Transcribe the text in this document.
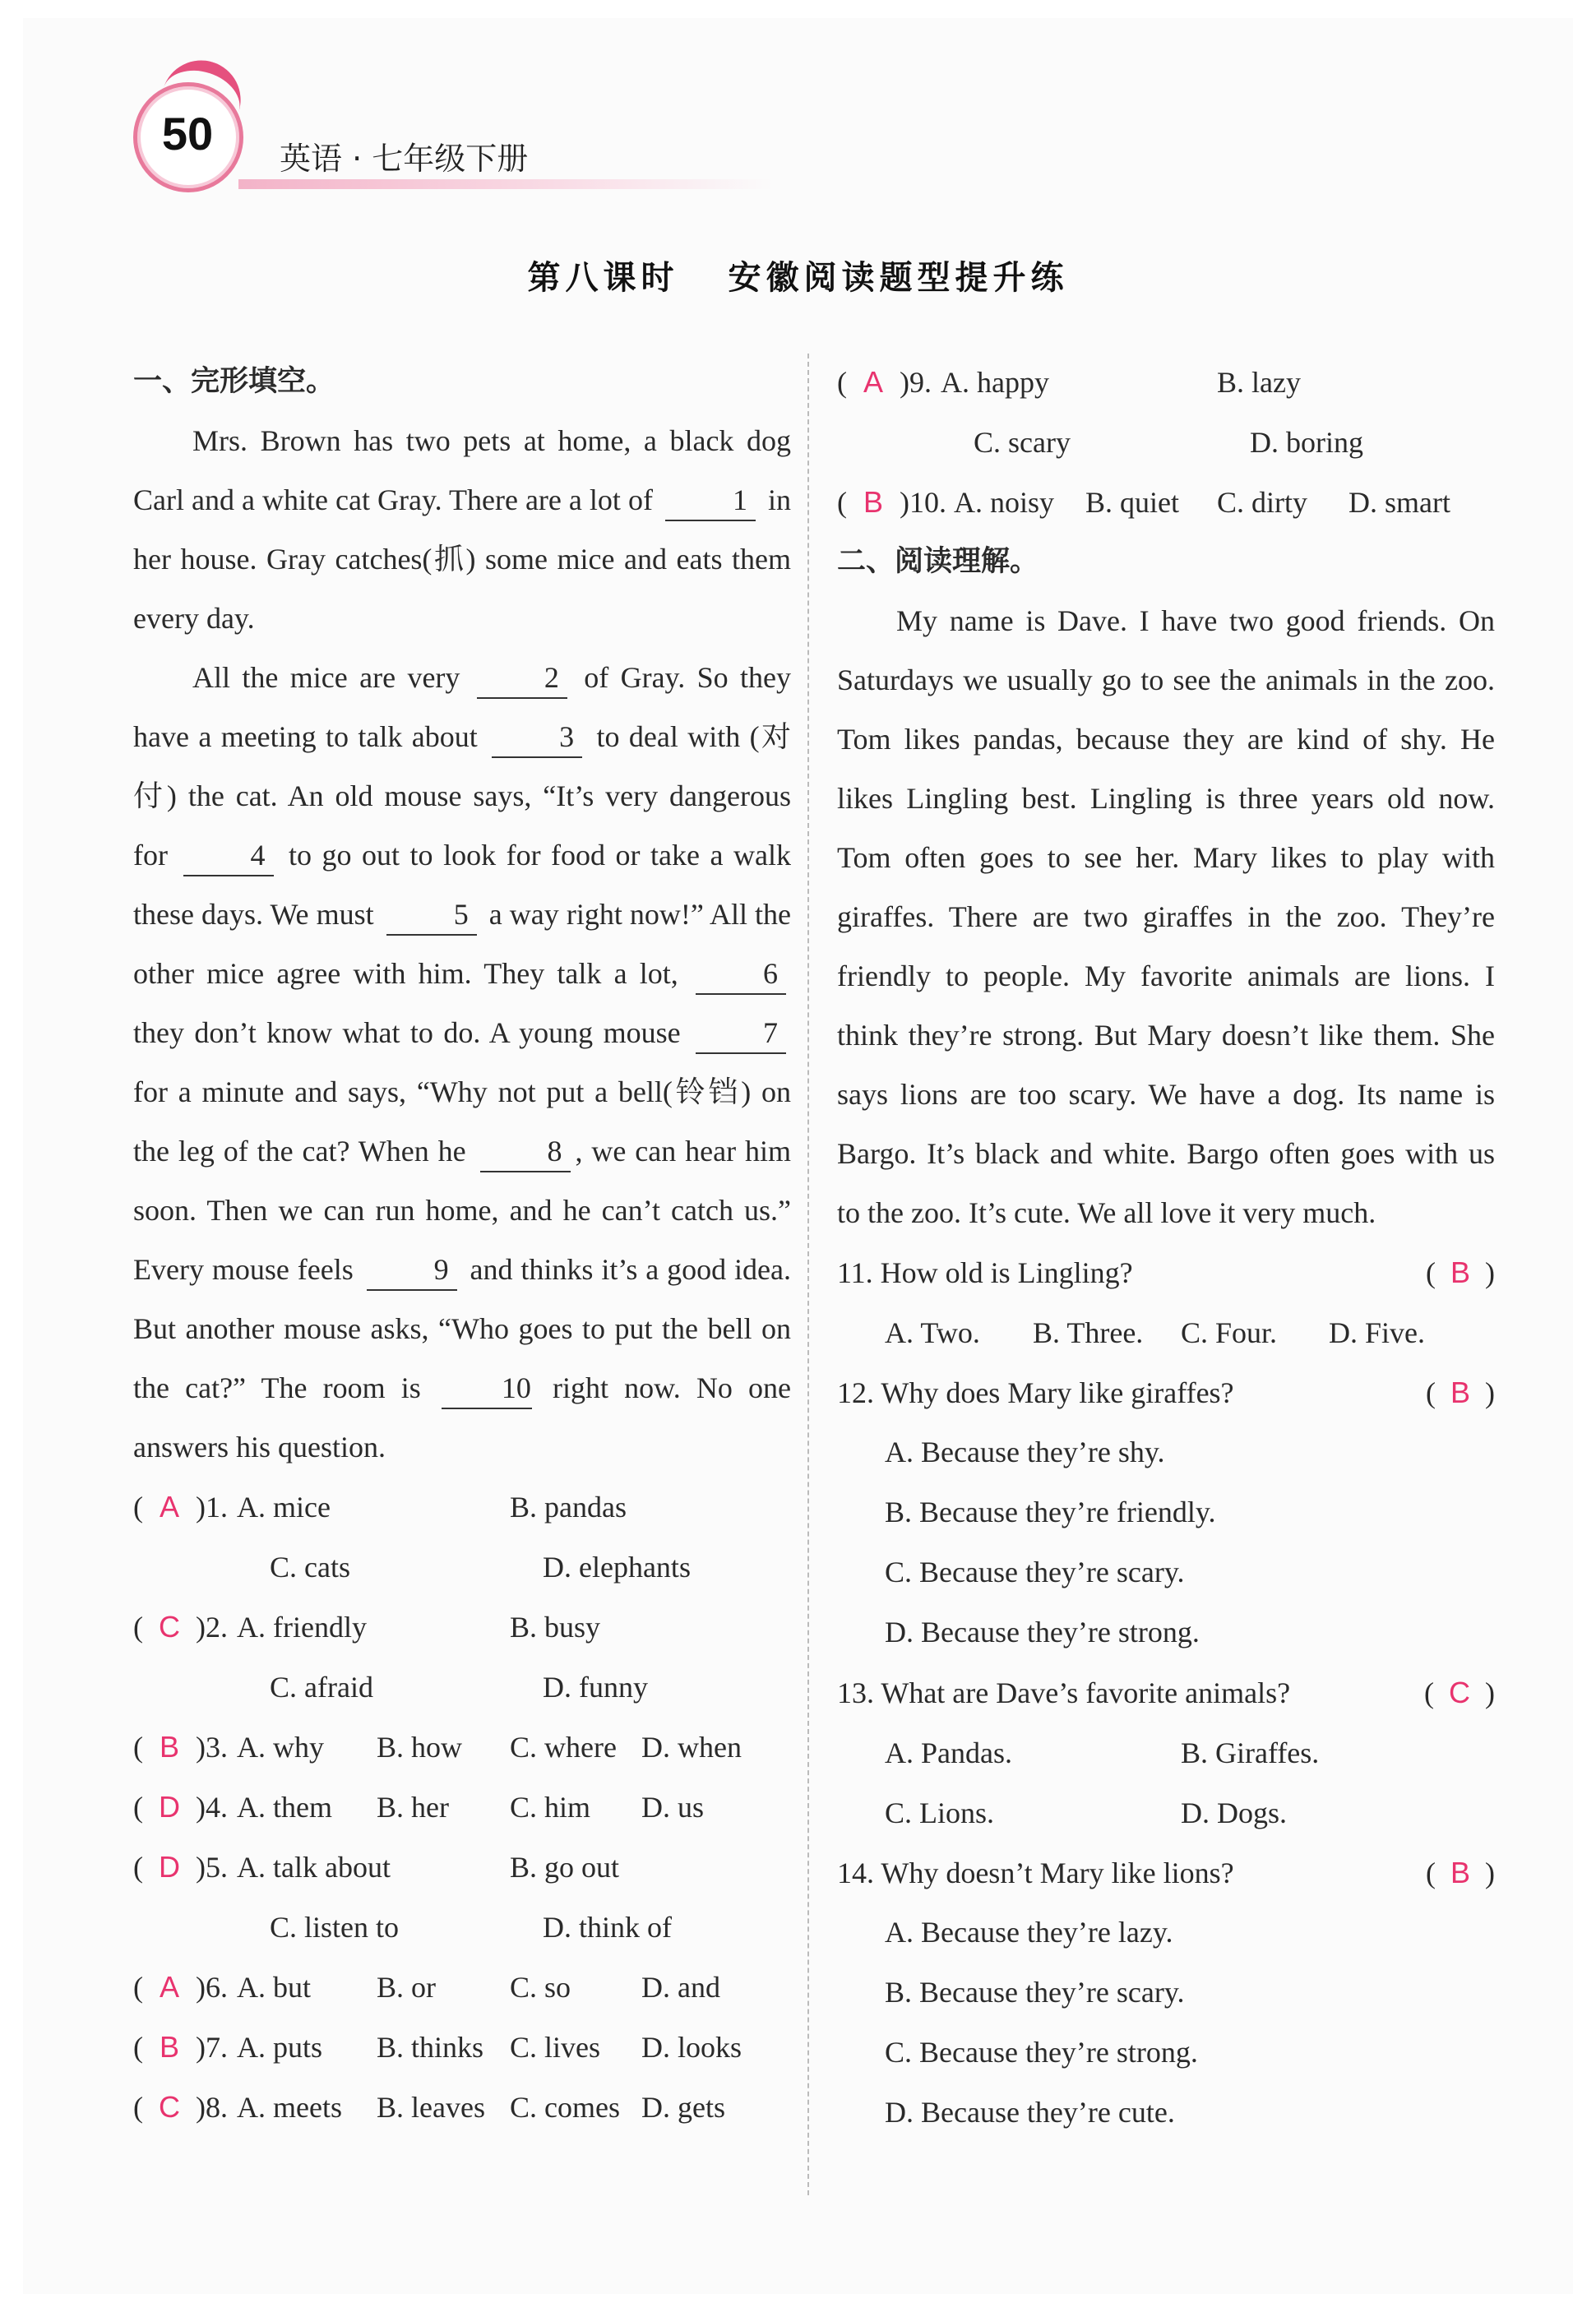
50	英语 · 七年级下册
第八课时 安徽阅读题型提升练
一、完形填空。
Mrs. Brown has two pets at home, a black dog Carl and a white cat Gray. There are a lot of	1 in her house. Gray catches(抓) some mice and eats them every day.
All the mice are very	2 of Gray. So they have a meeting to talk about	3 to deal with (对付) the cat. An old mouse says, “It’s very dangerous for	4 to go out to look for food or take a walk these days. We must	5 a way right now!” All the other mice agree with him. They talk a lot,	6 they don’t know what to do. A young mouse	7 for a minute and says, “Why not put a bell(铃铛) on the leg of the cat? When he	8 , we can hear him soon. Then we can run home, and he can’t catch us.” Every mouse feels	9 and thinks it’s a good idea. But another mouse asks, “Who goes to put the bell on the cat?” The room is	10 right now. No one answers his question.
( A )1. A. mice	B. pandas
C. cats	D. elephants
( C )2. A. friendly	B. busy
C. afraid	D. funny
( B )3. A. why	B. how	C. where D. when
( D )4. A. them	B. her	C. him	D. us
( D )5. A. talk about	B. go out
C. listen to	D. think of
( A )6. A. but	B. or	C. so	D. and
( B )7. A. puts	B. thinks C. lives	D. looks
( C )8. A. meets	B. leaves C. comes D. gets
( A )9. A. happy	B. lazy
C. scary	D. boring
( B )10. A. noisy	B. quiet	C. dirty	D. smart
二、阅读理解。
My name is Dave. I have two good friends. On Saturdays we usually go to see the animals in the zoo. Tom likes pandas, because they are kind of shy. He likes Lingling best. Lingling is three years old now. Tom often goes to see her. Mary likes to play with giraffes. There are two giraffes in the zoo. They’re friendly to people. My favorite animals are lions. I think they’re strong. But Mary doesn’t like them. She says lions are too scary. We have a dog. Its name is Bargo. It’s black and white. Bargo often goes with us to the zoo. It’s cute. We all love it very much.
11. How old is Lingling?	(  B  )
A. Two.	B. Three.	C. Four.	D. Five.
12. Why does Mary like giraffes?	(  B  )
A. Because they’re shy.
B. Because they’re friendly.
C. Because they’re scary.
D. Because they’re strong.
13. What are Dave’s favorite animals?	(  C  )
A. Pandas.	B. Giraffes.
C. Lions.	D. Dogs.
14. Why doesn’t Mary like lions?	(  B  )
A. Because they’re lazy.
B. Because they’re scary.
C. Because they’re strong.
D. Because they’re cute.
